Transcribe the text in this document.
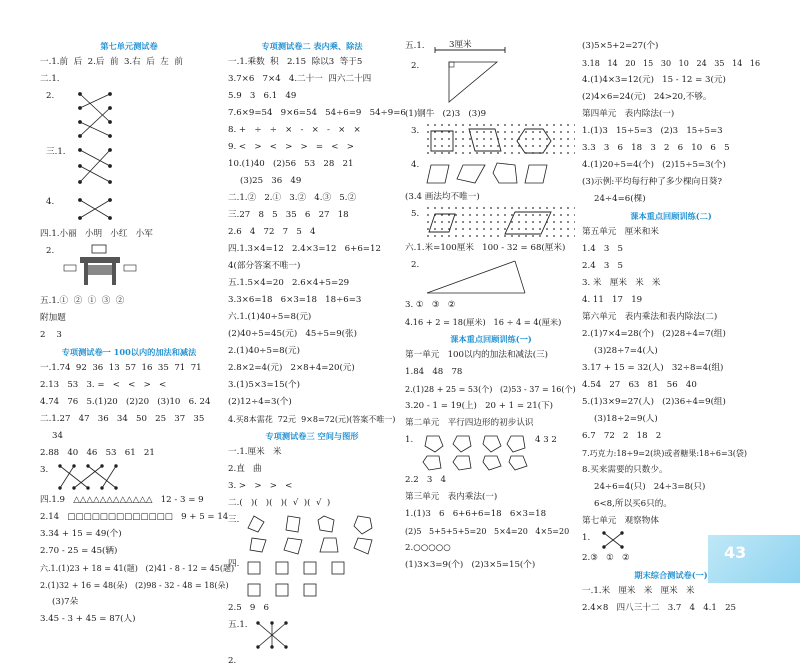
第七单元测试卷
一.1.前  后  2.后  前  3.右  后  左  前
二.1.
2.
三.1.
4.
四.1.小丽   小明   小红   小军
2.
五.1.①  ②  ①  ③  ②
附加题
2    3
专项测试卷一 100以内的加法和减法
一.1.74  92  36  13  57  16  35  71  71
2.13   53   3. =   <   <   >   <
4.74   76   5.(1)20   (2)20   (3)10   6. 24
二.1.27   47   36   34   50   25   37   35
34
2.88   40   46   53   61   21
3.
四.1.9   △△△△△△△△△△△△   12 - 3 = 9
2.14   □□□□□□□□□□□□□   9 + 5 = 14
3.34 + 15 = 49(个)
2.70 - 25 = 45(辆)
六.1.(1)23 + 18 = 41(题)   (2)41 - 8 - 12 = 45(题)
2.(1)32 + 16 = 48(朵)   (2)98 - 32 - 48 = 18(朵)
(3)7朵
3.45 - 3 + 45 = 87(人)
专项测试卷二 表内乘、除法
一.1.乘数  积   2.15  除以3  等于5
3.7×6   7×4   4.二十一  四六二十四
5.9   3   6.1   49
7.6×9=54   9×6=54   54÷6=9   54÷9=6
8. +   ÷   ÷   ×   -   ×   -   ×   ×
9. <   >   <   >   >   =   <   >
10.(1)40   (2)56   53   28   21
(3)25   36   49
二.1.②   2.①   3.②   4.③   5.②
三.27   8   5   35   6   27   18
2.6   4   72   7   5   4
四.1.3×4=12   2.4×3=12   6+6=12
4(部分答案不唯一)
五.1.5×4=20   2.6×4+5=29
3.3×6=18   6×3=18   18÷6=3
六.1.(1)40÷5=8(元)
(2)40÷5=45(元)   45÷5=9(张)
2.(1)40÷5=8(元)
2.8×2=4(元)   2×8+4=20(元)
3.(1)5×3=15(个)
(2)12÷4=3(个)
4.买8本需花  72元  9×8=72(元)(答案不唯一)
专项测试卷三 空间与图形
一.1.厘米   米
2.直   曲
3. >   >   >   <
二.(   )(   )(   )(  √  )(  √  )
三.
四.
2.5   9   6
五.1.
2.
五.1.	3厘米
2.
(1)钢牛   (2)3   (3)9
3.
4.
(3.4 画法均不唯一)
5.
六.1.米=100厘米   100 - 32 = 68(厘米)
2.
3. ①   ③   ②
4.16 + 2 = 18(厘米)   16 ÷ 4 = 4(厘米)
课本重点回顾训练(一)
第一单元   100以内的加法和减法(三)
1.84   48   78
2.(1)28 + 25 = 53(个)   (2)53 - 37 = 16(个)
3.20 - 1 = 19(上)   20 + 1 = 21(下)
第二单元   平行四边形的初步认识
1.	4 3 2
2.2   3   4
第三单元   表内乘法(一)
1.(1)3   6   6+6+6=18   6×3=18
(2)5   5+5+5+5=20   5×4=20   4×5=20
2.○○○○○
(1)3×3=9(个)   (2)3×5=15(个)
(3)5×5+2=27(个)
3.18   14   20   15   30   10   24   35   14   16
4.(1)4×3=12(元)   15 - 12 = 3(元)
(2)4×6=24(元)   24>20,不够。
第四单元   表内除法(一)
1.(1)3   15÷5=3   (2)3   15÷5=3
3.3   3   6   18   3   2   6   10   6   5
4.(1)20÷5=4(个)   (2)15÷5=3(个)
(3)示例:平均每行种了多少棵向日葵?
24÷4=6(棵)
课本重点回顾训练(二)
第五单元   厘米和米
1.4   3   5
2.4   3   5
3. 米   厘米   米   米
4. 11   17   19
第六单元   表内乘法和表内除法(二)
2.(1)7×4=28(个)   (2)28÷4=7(组)
(3)28÷7=4(人)
3.17 + 15 = 32(人)   32÷8=4(组)
4.54   27   63   81   56   40
5.(1)3×9=27(人)   (2)36÷4=9(组)
(3)18÷2=9(人)
6.7   72   2   18   2
7.巧克力:18÷9=2(块)或者糖果:18÷6=3(袋)
8.买来需要的只数少。
24÷6=4(只)   24÷3=8(只)
6<8,所以买6只的。
第七单元   观察物体
1.
2.③   ①   ②
期末综合测试卷(一)
一.1.米   厘米   米   厘米   米
2.4×8   四八三十二   3.7   4   4.1   25
43
